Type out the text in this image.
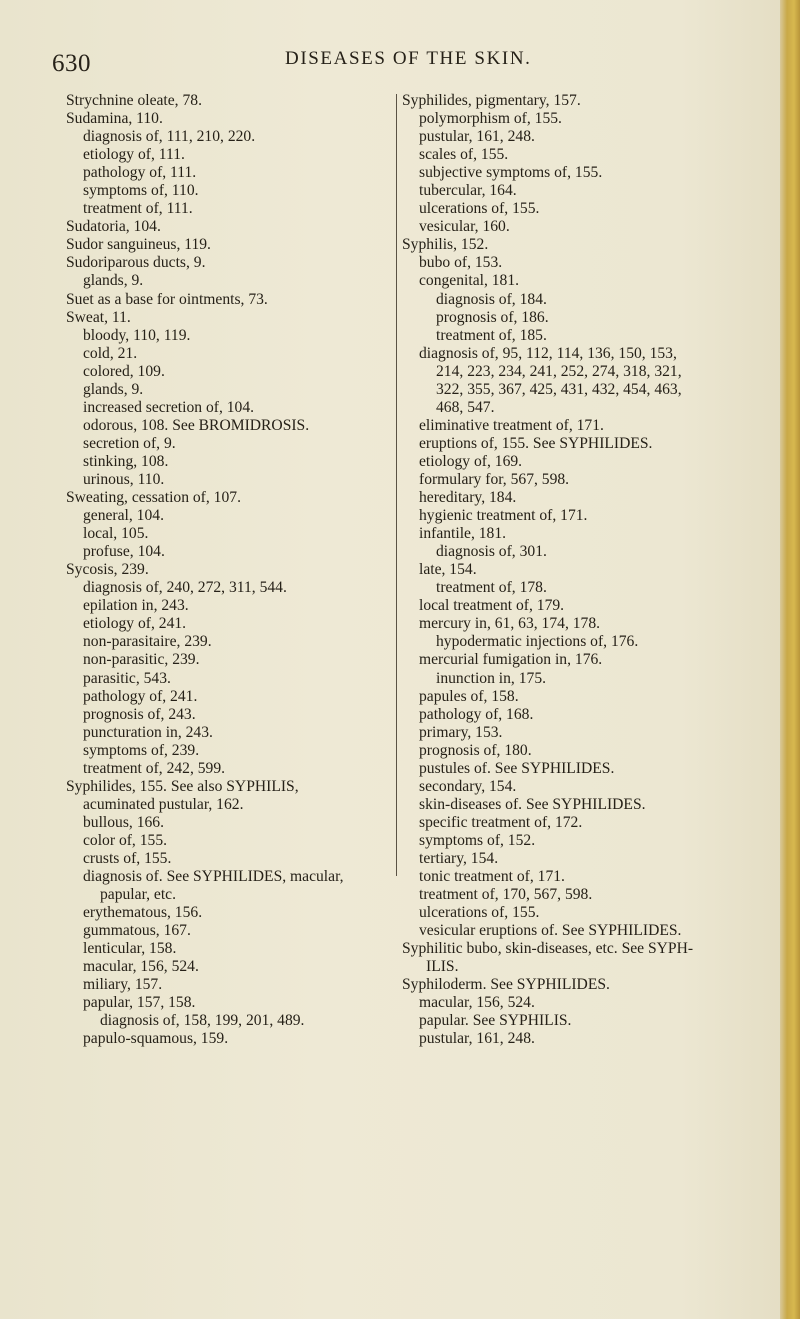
630	DISEASES OF THE SKIN.
Strychnine oleate, 78.
Sudamina, 110.
diagnosis of, 111, 210, 220.
etiology of, 111.
pathology of, 111.
symptoms of, 110.
treatment of, 111.
Sudatoria, 104.
Sudor sanguineus, 119.
Sudoriparous ducts, 9.
glands, 9.
Suet as a base for ointments, 73.
Sweat, 11.
bloody, 110, 119.
cold, 21.
colored, 109.
glands, 9.
increased secretion of, 104.
odorous, 108. See BROMIDROSIS.
secretion of, 9.
stinking, 108.
urinous, 110.
Sweating, cessation of, 107.
general, 104.
local, 105.
profuse, 104.
Sycosis, 239.
diagnosis of, 240, 272, 311, 544.
epilation in, 243.
etiology of, 241.
non-parasitaire, 239.
non-parasitic, 239.
parasitic, 543.
pathology of, 241.
prognosis of, 243.
puncturation in, 243.
symptoms of, 239.
treatment of, 242, 599.
Syphilides, 155. See also SYPHILIS,
acuminated pustular, 162.
bullous, 166.
color of, 155.
crusts of, 155.
diagnosis of. See SYPHILIDES, macular,
papular, etc.
erythematous, 156.
gummatous, 167.
lenticular, 158.
macular, 156, 524.
miliary, 157.
papular, 157, 158.
diagnosis of, 158, 199, 201, 489.
papulo-squamous, 159.
Syphilides, pigmentary, 157.
polymorphism of, 155.
pustular, 161, 248.
scales of, 155.
subjective symptoms of, 155.
tubercular, 164.
ulcerations of, 155.
vesicular, 160.
Syphilis, 152.
bubo of, 153.
congenital, 181.
diagnosis of, 184.
prognosis of, 186.
treatment of, 185.
diagnosis of, 95, 112, 114, 136, 150, 153,
214, 223, 234, 241, 252, 274, 318, 321,
322, 355, 367, 425, 431, 432, 454, 463,
468, 547.
eliminative treatment of, 171.
eruptions of, 155. See SYPHILIDES.
etiology of, 169.
formulary for, 567, 598.
hereditary, 184.
hygienic treatment of, 171.
infantile, 181.
diagnosis of, 301.
late, 154.
treatment of, 178.
local treatment of, 179.
mercury in, 61, 63, 174, 178.
hypodermatic injections of, 176.
mercurial fumigation in, 176.
inunction in, 175.
papules of, 158.
pathology of, 168.
primary, 153.
prognosis of, 180.
pustules of. See SYPHILIDES.
secondary, 154.
skin-diseases of. See SYPHILIDES.
specific treatment of, 172.
symptoms of, 152.
tertiary, 154.
tonic treatment of, 171.
treatment of, 170, 567, 598.
ulcerations of, 155.
vesicular eruptions of. See SYPHILIDES.
Syphilitic bubo, skin-diseases, etc. See SYPH-
ILIS.
Syphiloderm. See SYPHILIDES.
macular, 156, 524.
papular. See SYPHILIS.
pustular, 161, 248.
